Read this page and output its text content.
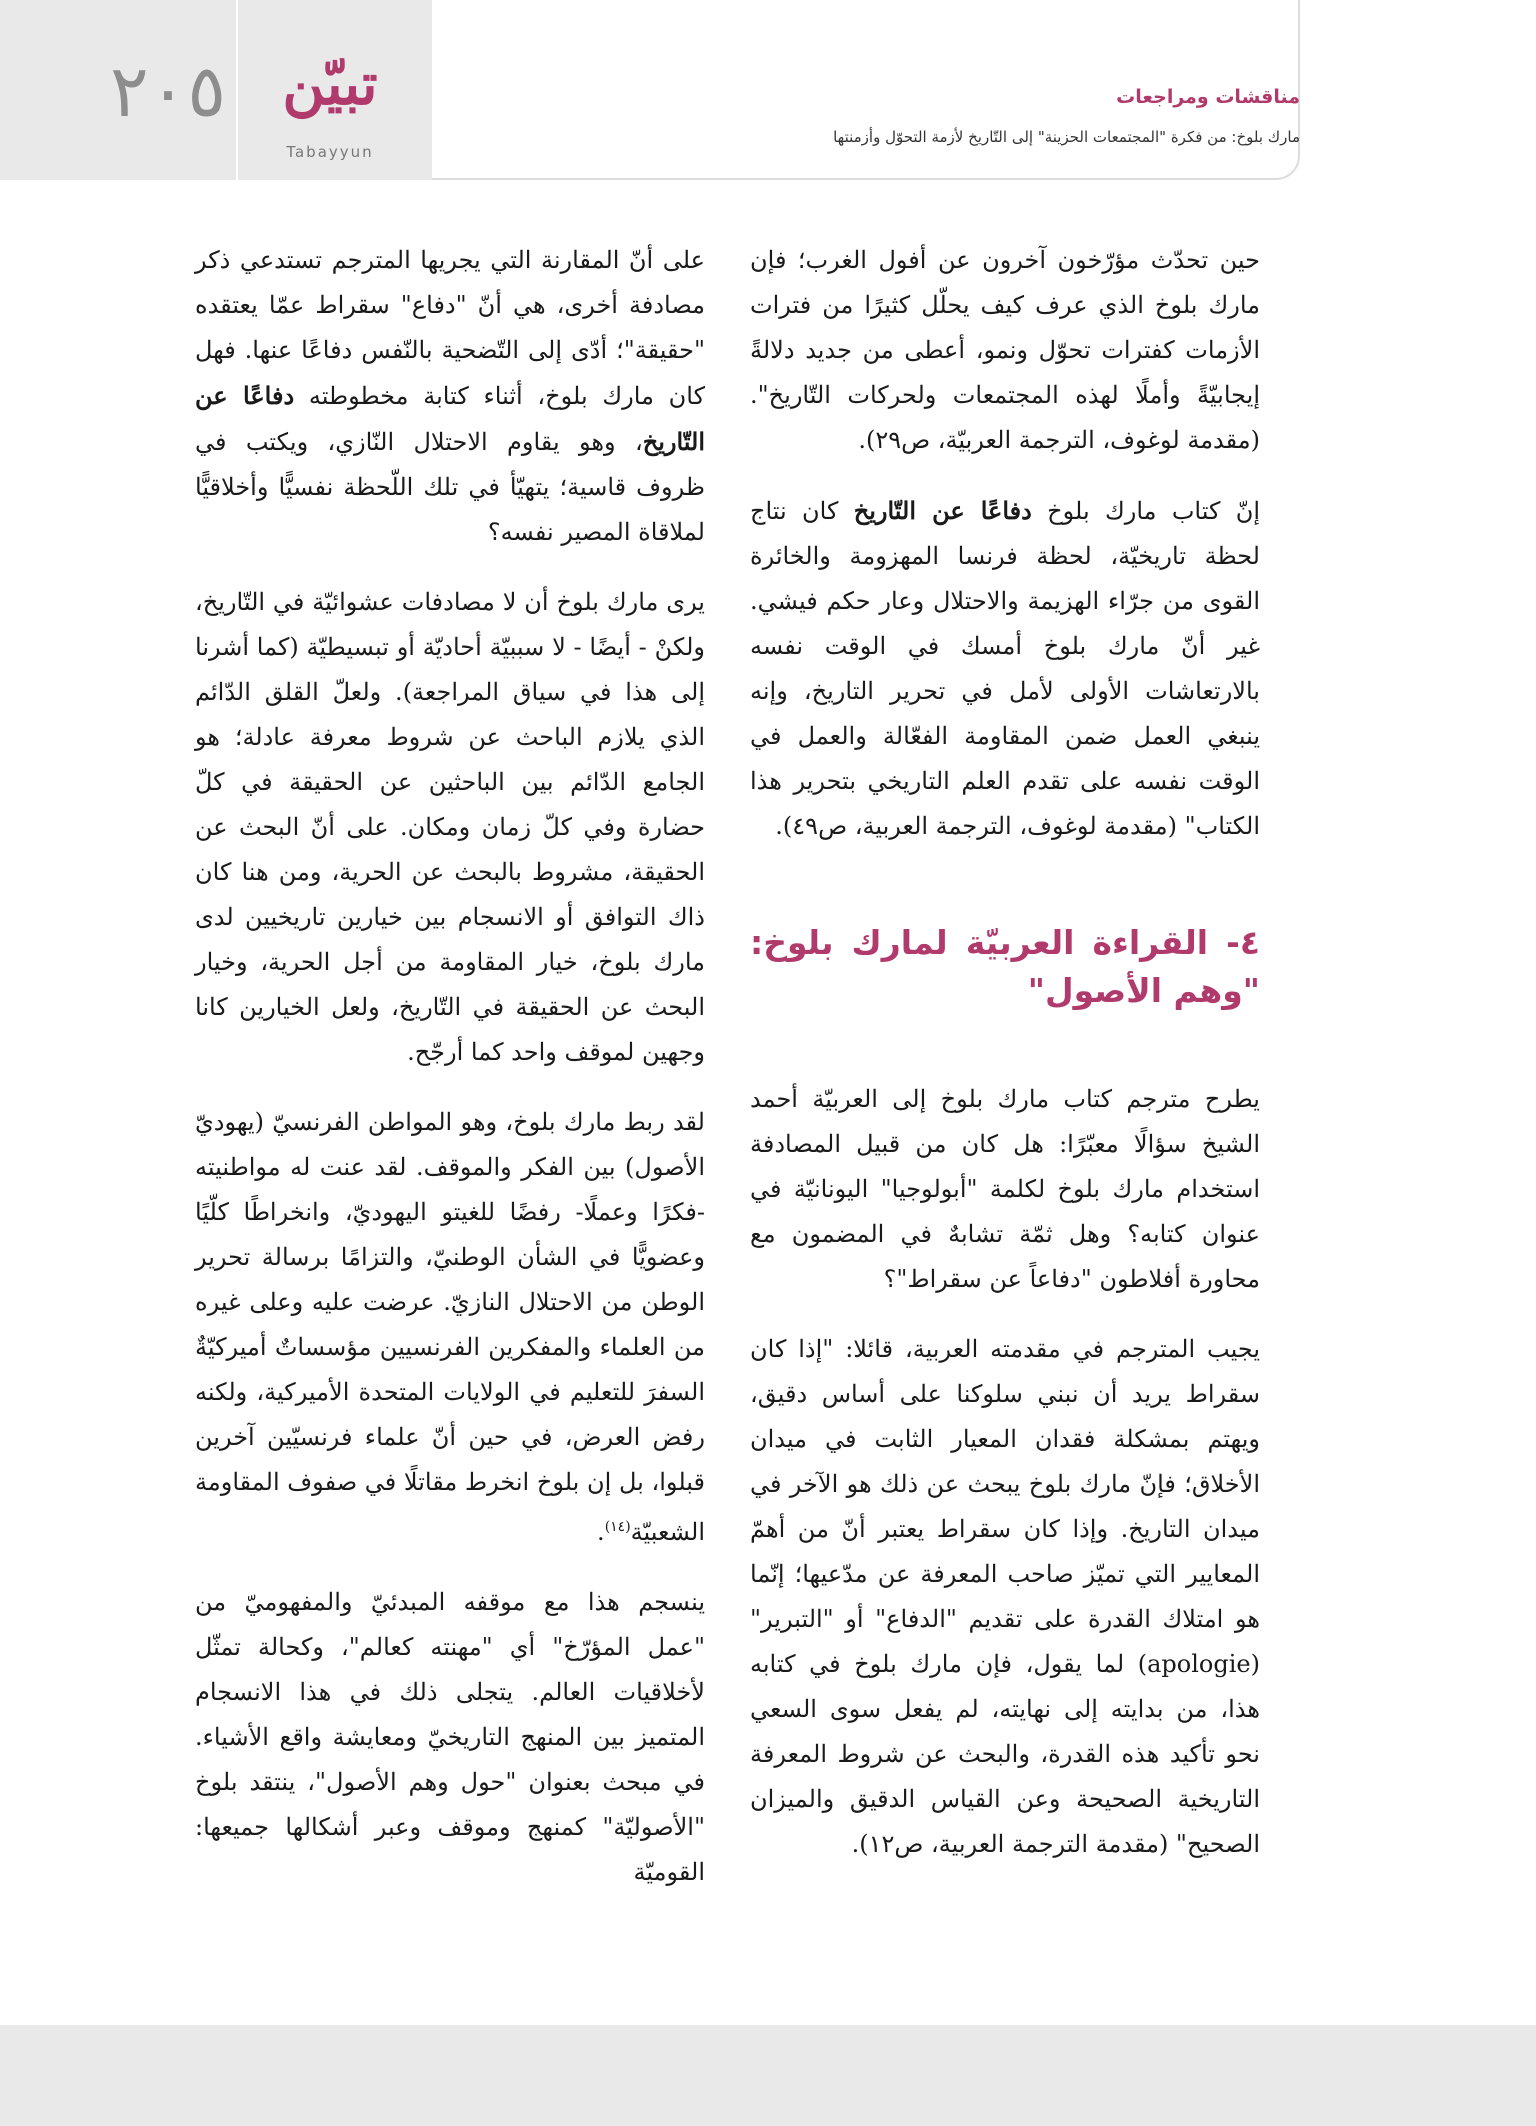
٢٠٥ تبيّن
Tabayyun
مناقشات ومراجعات
مارك بلوخ: من فكرة "المجتمعات الحزينة" إلى التّاريخ لأزمة التحوّل وأزمنتها

حين تحدّث مؤرّخون آخرون عن أفول الغرب؛ فإن مارك بلوخ الذي عرف كيف يحلّل كثيرًا من فترات الأزمات كفترات تحوّل ونمو، أعطى من جديد دلالةً إيجابيّةً وأملًا لهذه المجتمعات ولحركات التّاريخ". (مقدمة لوغوف، الترجمة العربيّة، ص٢٩).

إنّ كتاب مارك بلوخ دفاعًا عن التّاريخ كان نتاج لحظة تاريخيّة، لحظة فرنسا المهزومة والخائرة القوى من جرّاء الهزيمة والاحتلال وعار حكم فيشي. غير أنّ مارك بلوخ أمسك في الوقت نفسه بالارتعاشات الأولى لأمل في تحرير التاريخ، وإنه ينبغي العمل ضمن المقاومة الفعّالة والعمل في الوقت نفسه على تقدم العلم التاريخي بتحرير هذا الكتاب" (مقدمة لوغوف، الترجمة العربية، ص٤٩).

٤- القراءة العربيّة لمارك بلوخ: "وهم الأصول"

يطرح مترجم كتاب مارك بلوخ إلى العربيّة أحمد الشيخ سؤالًا معبّرًا: هل كان من قبيل المصادفة استخدام مارك بلوخ لكلمة "أبولوجيا" اليونانيّة في عنوان كتابه؟ وهل ثمّة تشابهٌ في المضمون مع محاورة أفلاطون "دفاعاً عن سقراط"؟

يجيب المترجم في مقدمته العربية، قائلا: "إذا كان سقراط يريد أن نبني سلوكنا على أساس دقيق، ويهتم بمشكلة فقدان المعيار الثابت في ميدان الأخلاق؛ فإنّ مارك بلوخ يبحث عن ذلك هو الآخر في ميدان التاريخ. وإذا كان سقراط يعتبر أنّ من أهمّ المعايير التي تميّز صاحب المعرفة عن مدّعيها؛ إنّما هو امتلاك القدرة على تقديم "الدفاع" أو "التبرير" (apologie) لما يقول، فإن مارك بلوخ في كتابه هذا، من بدايته إلى نهايته، لم يفعل سوى السعي نحو تأكيد هذه القدرة، والبحث عن شروط المعرفة التاريخية الصحيحة وعن القياس الدقيق والميزان الصحيح" (مقدمة الترجمة العربية، ص١٢).

على أنّ المقارنة التي يجريها المترجم تستدعي ذكر مصادفة أخرى، هي أنّ "دفاع" سقراط عمّا يعتقده "حقيقة"؛ أدّى إلى التّضحية بالنّفس دفاعًا عنها. فهل كان مارك بلوخ، أثناء كتابة مخطوطته دفاعًا عن التّاريخ، وهو يقاوم الاحتلال النّازي، ويكتب في ظروف قاسية؛ يتهيّأ في تلك اللّحظة نفسيًّا وأخلاقيًّا لملاقاة المصير نفسه؟

يرى مارك بلوخ أن لا مصادفات عشوائيّة في التّاريخ، ولكنْ - أيضًا - لا سببيّة أحاديّة أو تبسيطيّة (كما أشرنا إلى هذا في سياق المراجعة). ولعلّ القلق الدّائم الذي يلازم الباحث عن شروط معرفة عادلة؛ هو الجامع الدّائم بين الباحثين عن الحقيقة في كلّ حضارة وفي كلّ زمان ومكان. على أنّ البحث عن الحقيقة، مشروط بالبحث عن الحرية، ومن هنا كان ذاك التوافق أو الانسجام بين خيارين تاريخيين لدى مارك بلوخ، خيار المقاومة من أجل الحرية، وخيار البحث عن الحقيقة في التّاريخ، ولعل الخيارين كانا وجهين لموقف واحد كما أرجّح.

لقد ربط مارك بلوخ، وهو المواطن الفرنسيّ (يهوديّ الأصول) بين الفكر والموقف. لقد عنت له مواطنيته -فكرًا وعملًا- رفضًا للغيتو اليهوديّ، وانخراطًا كلّيًا وعضويًّا في الشأن الوطنيّ، والتزامًا برسالة تحرير الوطن من الاحتلال النازيّ. عرضت عليه وعلى غيره من العلماء والمفكرين الفرنسيين مؤسساتٌ أميركيّةٌ السفرَ للتعليم في الولايات المتحدة الأميركية، ولكنه رفض العرض، في حين أنّ علماء فرنسيّين آخرين قبلوا، بل إن بلوخ انخرط مقاتلًا في صفوف المقاومة الشعبيّة$^{(١٤)}$.

ينسجم هذا مع موقفه المبدئيّ والمفهوميّ من "عمل المؤرّخ" أي "مهنته كعالم"، وكحالة تمثّل لأخلاقيات العالم. يتجلى ذلك في هذا الانسجام المتميز بين المنهج التاريخيّ ومعايشة واقع الأشياء. في مبحث بعنوان "حول وهم الأصول"، ينتقد بلوخ "الأصوليّة" كمنهج وموقف وعبر أشكالها جميعها: القوميّة
